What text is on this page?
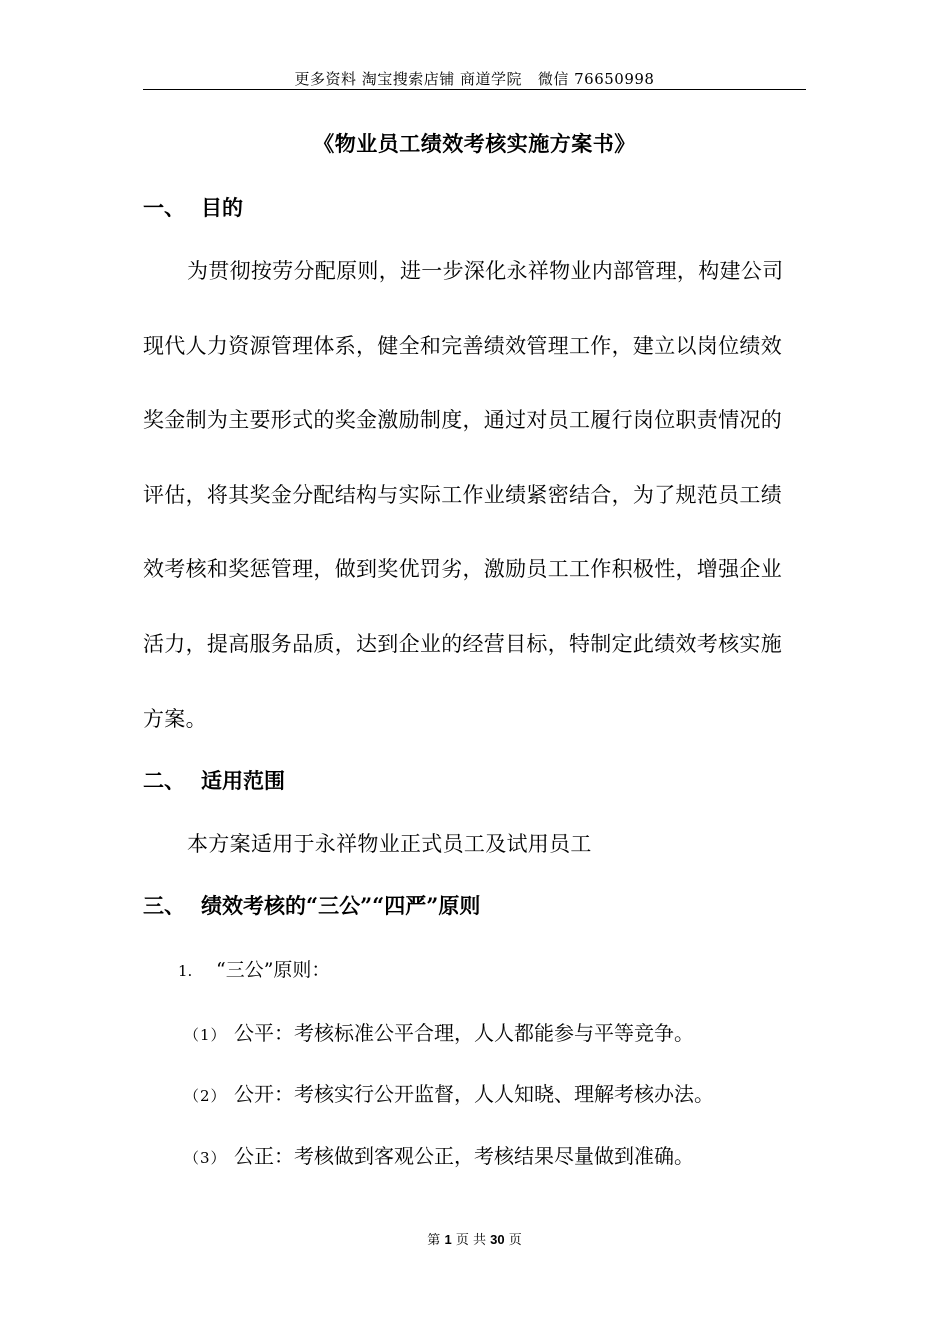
更多资料 淘宝搜索店铺 商道学院   微信 76650998
《物业员工绩效考核实施方案书》
一、 目的
为贯彻按劳分配原则，进一步深化永祥物业内部管理，构建公司
现代人力资源管理体系，健全和完善绩效管理工作，建立以岗位绩效
奖金制为主要形式的奖金激励制度，通过对员工履行岗位职责情况的
评估，将其奖金分配结构与实际工作业绩紧密结合，为了规范员工绩
效考核和奖惩管理，做到奖优罚劣，激励员工工作积极性，增强企业
活力，提高服务品质，达到企业的经营目标，特制定此绩效考核实施
方案。
二、 适用范围
本方案适用于永祥物业正式员工及试用员工
三、 绩效考核的“三公”“四严”原则
1. “三公”原则：
（1） 公平：考核标准公平合理，人人都能参与平等竞争。
（2） 公开：考核实行公开监督，人人知晓、理解考核办法。
（3） 公正：考核做到客观公正，考核结果尽量做到准确。
第 1 页 共 30 页
